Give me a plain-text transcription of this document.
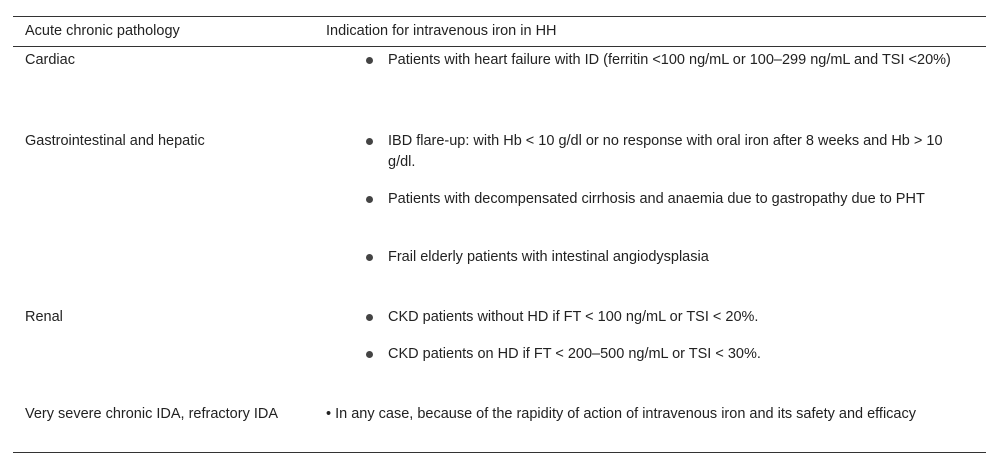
Acute chronic pathology	Indication for intravenous iron in HH
Cardiac	Patients with heart failure with ID (ferritin <100 ng/mL or 100–299 ng/mL and TSI <20%)
Gastrointestinal and hepatic	IBD flare-up: with Hb < 10 g/dl or no response with oral iron after 8 weeks and Hb > 10 g/dl.
Patients with decompensated cirrhosis and anaemia due to gastropathy due to PHT
Frail elderly patients with intestinal angiodysplasia
Renal	CKD patients without HD if FT < 100 ng/mL or TSI < 20%.
CKD patients on HD if FT < 200–500 ng/mL or TSI < 30%.
Very severe chronic IDA, refractory IDA	• In any case, because of the rapidity of action of intravenous iron and its safety and efficacy
